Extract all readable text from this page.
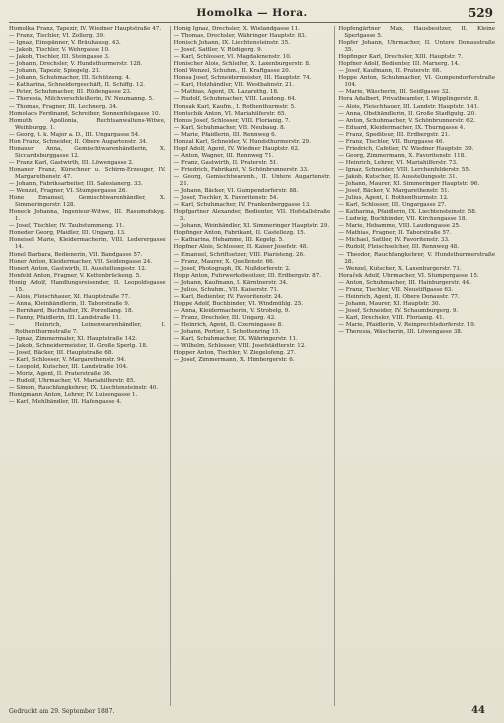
Homolka — Hora.	529

Homolka Franz, Tapezir, IV. Wiedner Hauptstraße 47.

— Franz, Tischler, VI. Zollerg. 39.

— Ignaz, Einspänner, V. Bräuhausg. 43.

— Jakob, Tischler, V. Wehrgasse 10.

— Jakob, Tischler, III. Steingasse 3.

— Johann, Drechsler, V. Hundsthurmerstr. 128.

— Johann, Tapezir, Spiegelg. 21.

— Johann, Schuhmacher, III. Schützeng. 4.

— Katharina, Schneidergeschäft, II. Schiffg. 12.

— Peter, Schuhmacher, III. Rüdengasse 23.

— Theresia, Milchverschleißerin, IV. Neumanng. 5.

— Thomas, Fragner, III. Lechnerg. 34.

Homolacs Ferdinand, Schreiber, Sonnenfelsgasse 10.

Homuth Apollonia, Rechtsanwaltens-Witwe, Weihburgg. 1.

— Georg, t. k. Major a. D., III. Ungargasse 54.

Hon Franz, Schneider, II. Obere Augartenstr. 34.

Honauer Anna, Gemischtwarenhändlerin, X. Siccardsburggasse 12.

— Franz Karl, Gastwirth, III. Löwengasse 2.

Honaner Franz, Kürschner u. Schirm-Erzeuger, IV. Margarethenstr. 47.

— Johann, Fabriksarbeiter, III. Salesianerg. 33.

— Wenzel, Fragner, VI. Stumpergasse 26.

Hone Emanuel, Gemischtwarenhändler, X. Simmeringerstr. 128.

Honeck Johanna, Ingenieur-Witwe, III. Rasumofskyg. 1.

— Josef, Tischler, IV. Taubstummeng. 11.

Honeder Georg, Pfaidler, III. Ungarg. 13.

Honeisel Marie, Kleidermacherin, VIII. Lederergasse 14.

Honel Barbara, Bedienerin, VII. Bandgasse 57.

Honer Anton, Kleidermacher, VII. Seidengasse 24.

Honert Anton, Gastwirth, II. Ausstellungsstr. 12.

Honfeld Anton, Fragner, V. Kettenbrückeng. 5.

Honig Adolf, Handlungsreisender, II. Leopoldsgasse 15.

— Alois, Fleischhauer, XI. Hauptstraße 77.

— Anna, Kleinhändlerin, II. Taborstraße 9.

— Bernhard, Buchhalter, IX. Porzellang. 18.

— Fanny, Pfaidlerin, III. Landstraße 11.

— Heinrich, Leinenwarenhändler, I. Rothenthurmstraße 7.

— Ignaz, Zimmermaler, XI. Hauptstraße 142.

— Jakob, Schneidermeister, II. Große Sperlg. 18.

— Josef, Bäcker, III. Hauptstraße 68.

— Karl, Schlosser, V. Margarethenstr. 94.

— Leopold, Kutscher, III. Landstraße 104.

— Moriz, Agent, II. Praterstraße 36.

— Rudolf, Uhrmacher, VI. Mariahilferstr. 85.

— Simon, Rauchfangkehrer, IX. Liechtensteinstr. 40.

Honigmann Anton, Lehrer, IV. Luisengasse 1.

— Karl, Mehlhändler, III. Hafengasse 4.

Honig Ignaz, Drechsler, X. Wielandgasse 11.

— Thomas, Drechsler, Währinger Hauptstr. 83.

Honisch Johann, IX. Liechtensteinstr. 35.

— Josef, Sattler, V. Rüdigerg. 9.

— Karl, Schlosser, VI. Magdalenenstr. 10.

Honischer Alois, Schleifer, X. Laxenburgerstr. 8.

Honl Wenzel, Schuhm., II. Kraftgasse 20.

Honsa Josef, Schneidermeister, III. Hauptstr. 74.

— Karl, Holzhändler, VII. Westbahnstr. 21.

— Mathias, Agent, IX. Lazarethg. 18.

— Rudolf, Schuhmacher, VIII. Laudong. 64.

Honsak Karl, Kaufm., I. Rothenthurmstr. 5.

Hontschik Anton, VI. Mariahilferstr. 65.

Honus Josef, Schlosser, VIII. Florianig. 7.

— Karl, Schuhmacher, VII. Neubaug. 8.

— Marie, Pfaidlerin, III. Rennweg 6.

Honzal Karl, Schneider, V. Hundsthurmerstr. 29.

Hopf Adolf, Agent, IV. Wiedner Hauptstr. 62.

— Anton, Wagner, III. Rennweg 71.

— Franz, Gastwirth, II. Praterstr. 51.

— Friedrich, Fabrikant, V. Schönbrunnerstr. 33.

— Georg, Gemischtwarenh., II. Untere Augartenstr. 21.

— Johann, Bäcker, VI. Gumpendorferstr. 88.

— Josef, Tischler, X. Favoritenstr. 54.

— Karl, Schuhmacher, IV. Frankenberggasse 13.

Hopfgartner Alexander, Bedienter, VII. Hofstallstraße 3.

— Johann, Weinhändler, XI. Simmeringer Hauptstr. 29.

Hopfinger Anton, Fabrikant, II. Castellezg. 15.

— Katharina, Hebamme, III. Kegelg. 5.

Hopfner Alois, Schlosser, II. Kaiser Josefstr. 48.

— Emanuel, Schriftsetzer, VIII. Piaristeng. 26.

— Franz, Maurer, X. Quellenstr. 66.

— Josef, Photograph, IX. Nußdorferstr. 2.

Hopp Anton, Fuhrwerksbesitzer, III. Erdbergstr. 87.

— Johann, Kaufmann, I. Kärntnerstr. 34.

— Julius, Schuhm., VII. Kaiserstr. 71.

— Karl, Bedienter, IV. Favoritenstr. 24.

Hoppe Adolf, Buchbinder, VI. Windmühlg. 25.

— Anna, Kleidermacherin, V. Strobelg. 9.

— Franz, Drechsler, III. Ungarg. 42.

— Heinrich, Agent, II. Czerningasse 8.

— Johann, Portier, I. Schottenring 15.

— Karl, Schuhmacher, IX. Währingerstr. 11.

— Wilhelm, Schlosser, VIII. Josefstädterstr. 12.

Hopper Anton, Tischler, V. Ziegelofeng. 27.

— Josef, Zimmermann, X. Himbergerstr. 6.

Hopfengärtner Max, Hausbesitzer, II. Kleine Sperlgasse 5.

Hopfer Johann, Uhrmacher, II. Untere Donaustraße 35.

Hopfinger Karl, Drechsler, XIII. Hauptstr. 7.

Hopfner Adolf, Bedienter, III. Marxerg. 14.

— Josef, Kaufmann, II. Praterstr. 68.

Hoppe Anton, Schuhmacher, VI. Gumpendorferstraße 104.

— Marie, Wäscherin, III. Seidlgasse 32.

Hora Adalbert, Privatbeamter, I. Wipplingerstr. 8.

— Alois, Fleischhauer, III. Landstr. Hauptstr. 141.

— Anna, Obsthändlerin, II. Große Stadtgutg. 20.

— Anton, Schuhmacher, V. Schönbrunnerstr. 62.

— Eduard, Kleidermacher, IX. Thurngasse 4.

— Franz, Spediteur, III. Erdbergstr. 21.

— Franz, Tischler, VII. Burggasse 46.

— Friedrich, Cafetier, IV. Wiedner Hauptstr. 39.

— Georg, Zimmermann, X. Favoritenstr. 118.

— Heinrich, Lehrer, VI. Mariahilferstr. 73.

— Ignaz, Schneider, VIII. Lerchenfelderstr. 55.

— Jakob, Kutscher, II. Ausstellungsstr. 31.

— Johann, Maurer, XI. Simmeringer Hauptstr. 96.

— Josef, Bäcker, V. Margarethenstr. 51.

— Julius, Agent, I. Rothenthurmstr. 12.

— Karl, Schlosser, III. Ungargasse 27.

— Katharina, Pfaidlerin, IX. Liechtensteinstr. 58.

— Ludwig, Buchbinder, VII. Kirchengasse 18.

— Marie, Hebamme, VIII. Laudongasse 25.

— Mathias, Fragner, II. Taborstraße 57.

— Michael, Sattler, IV. Favoritenstr. 33.

— Rudolf, Fleischselcher, III. Rennweg 48.

— Theodor, Rauchfangkehrer, V. Hundsthurmerstraße 28.

— Wenzel, Kutscher, X. Laxenburgerstr. 71.

Horaček Adolf, Uhrmacher, VI. Stumpergasse 15.

— Anton, Schuhmacher, III. Hainburgerstr. 44.

— Franz, Tischler, VII. Neustiftgasse 63.

— Heinrich, Agent, II. Obere Donaustr. 77.

— Johann, Maurer, XI. Hauptstr. 30.

— Josef, Schneider, IV. Schaumburgerg. 9.

— Karl, Drechsler, VIII. Florianig. 41.

— Marie, Pfaidlerin, V. Reinprechtsdorferstr. 19.

— Theresia, Wäscherin, III. Löwengasse 38.

Gedruckt am 29. September 1887.	44
